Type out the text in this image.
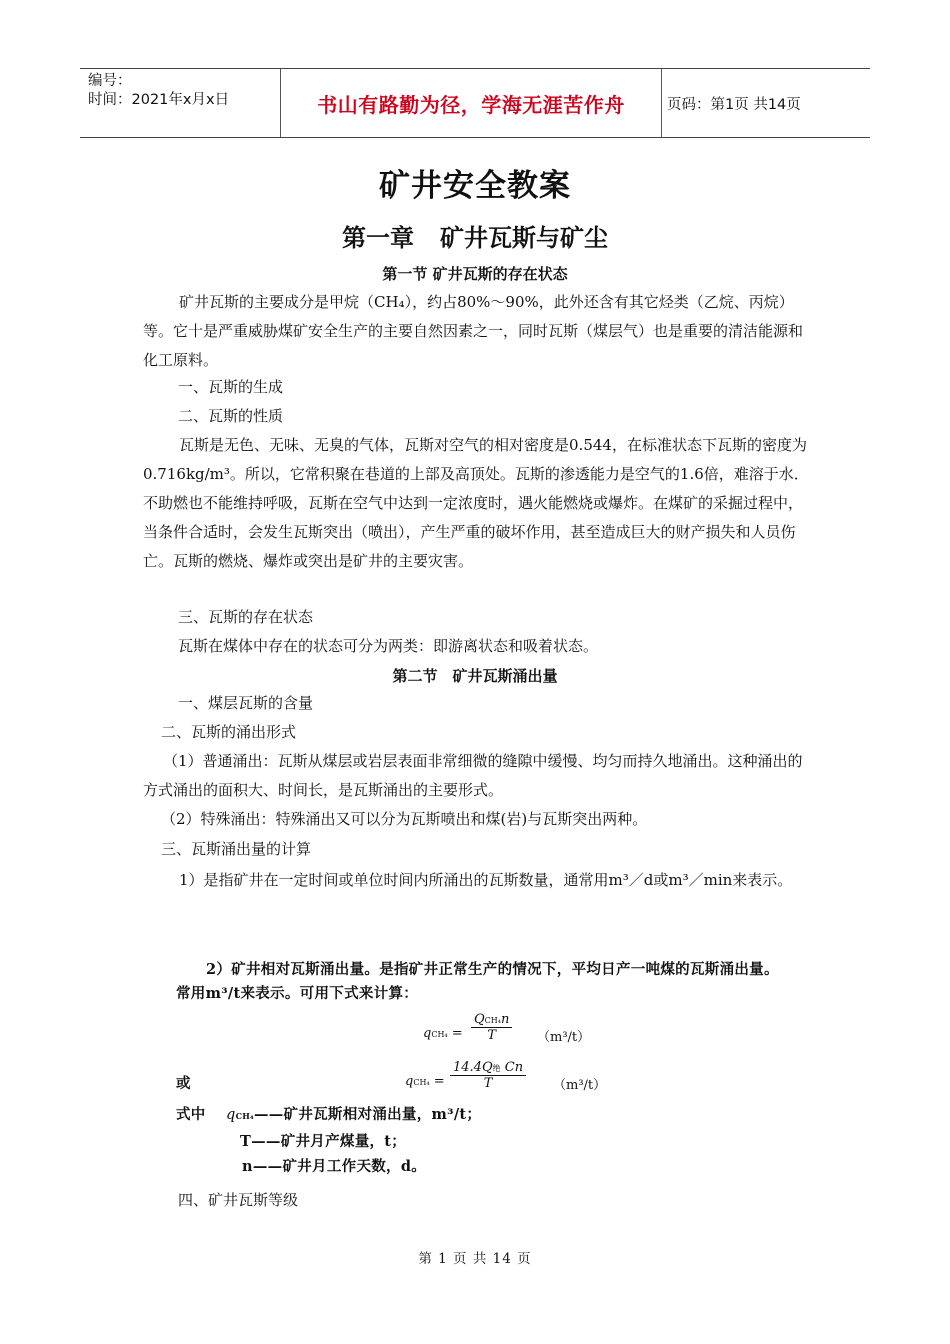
编号：
时间：2021年x月x日	书山有路勤为径，学海无涯苦作舟	页码：第1页 共14页
矿井安全教案
第一章 矿井瓦斯与矿尘
第一节 矿井瓦斯的存在状态
矿井瓦斯的主要成分是甲烷（CH₄），约占80%～90%，此外还含有其它烃类（乙烷、丙烷）等。它十是严重威胁煤矿安全生产的主要自然因素之一，同时瓦斯（煤层气）也是重要的清洁能源和化工原料。
一、瓦斯的生成
二、瓦斯的性质
瓦斯是无色、无味、无臭的气体，瓦斯对空气的相对密度是0.544，在标准状态下瓦斯的密度为0.716kg/m³。所以，它常积聚在巷道的上部及高顶处。瓦斯的渗透能力是空气的1.6倍，难溶于水．不助燃也不能维持呼吸，瓦斯在空气中达到一定浓度时，遇火能燃烧或爆炸。在煤矿的采掘过程中，当条件合适时，会发生瓦斯突出（喷出），产生严重的破坏作用，甚至造成巨大的财产损失和人员伤亡。瓦斯的燃烧、爆炸或突出是矿井的主要灾害。
三、瓦斯的存在状态
瓦斯在煤体中存在的状态可分为两类：即游离状态和吸着状态。
第二节　矿井瓦斯涌出量
一、煤层瓦斯的含量
二、瓦斯的涌出形式
（1）普通涌出：瓦斯从煤层或岩层表面非常细微的缝隙中缓慢、均匀而持久地涌出。这种涌出的方式涌出的面积大、时间长，是瓦斯涌出的主要形式。
（2）特殊涌出：特殊涌出又可以分为瓦斯喷出和煤(岩)与瓦斯突出两种。
三、瓦斯涌出量的计算
1）是指矿井在一定时间或单位时间内所涌出的瓦斯数量，通常用m³／d或m³／min来表示。
2）矿井相对瓦斯涌出量。是指矿井正常生产的情况下，平均日产一吨煤的瓦斯涌出量。
常用m³/t来表示。可用下式来计算：
qCH₄ =
QCH₄n
T	（m³/t）
或	qCH₄ =
14.4Q绝 Cn
T	（m³/t）
式中 qCH₄——矿井瓦斯相对涌出量，m³/t；
T——矿井月产煤量，t；
n——矿井月工作天数，d。
四、矿井瓦斯等级
第 1 页 共 14 页
